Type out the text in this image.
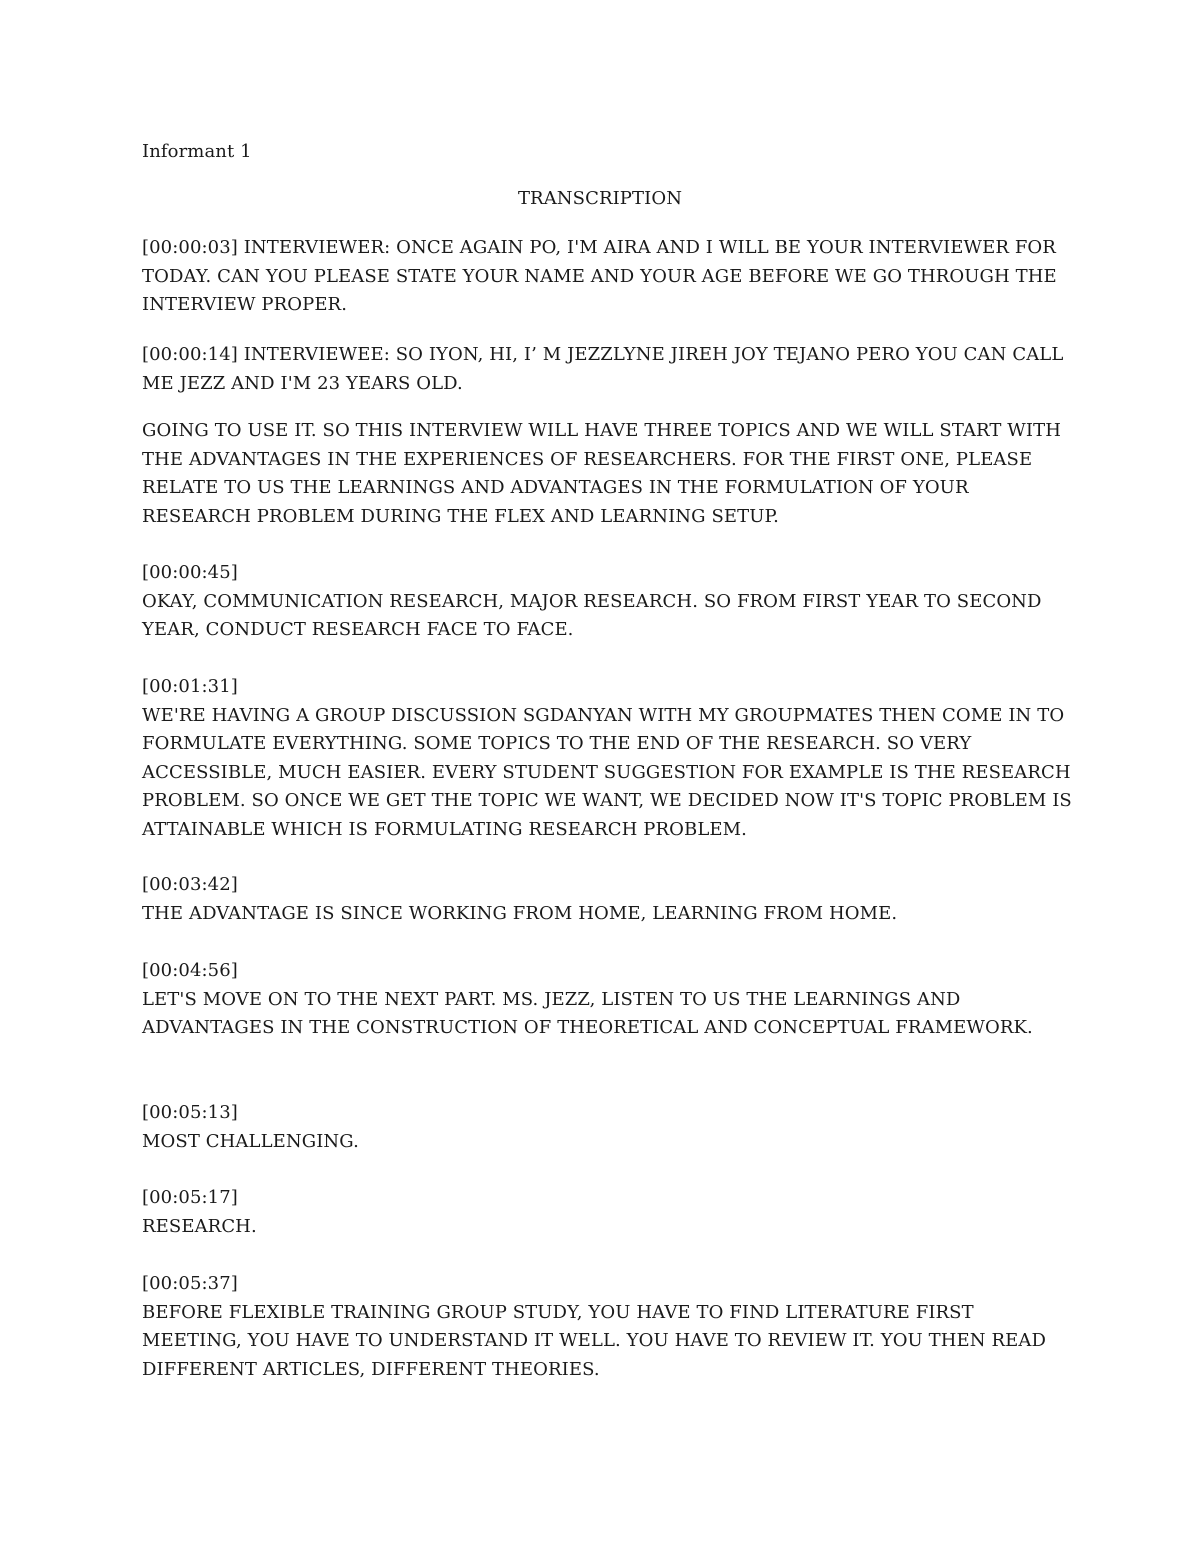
Informant 1
TRANSCRIPTION
[00:00:03] INTERVIEWER: ONCE AGAIN PO, I'M AIRA AND I WILL BE YOUR INTERVIEWER FOR TODAY. CAN YOU PLEASE STATE YOUR NAME AND YOUR AGE BEFORE WE GO THROUGH THE INTERVIEW PROPER.
[00:00:14] INTERVIEWEE: SO IYON, HI, I’ M JEZZLYNE JIREH JOY TEJANO PERO YOU CAN CALL ME JEZZ AND I'M 23 YEARS OLD.
GOING TO USE IT. SO THIS INTERVIEW WILL HAVE THREE TOPICS AND WE WILL START WITH THE ADVANTAGES IN THE EXPERIENCES OF RESEARCHERS. FOR THE FIRST ONE, PLEASE RELATE TO US THE LEARNINGS AND ADVANTAGES IN THE FORMULATION OF YOUR RESEARCH PROBLEM DURING THE FLEX AND LEARNING SETUP.
[00:00:45]
OKAY, COMMUNICATION RESEARCH, MAJOR RESEARCH. SO FROM FIRST YEAR TO SECOND YEAR, CONDUCT RESEARCH FACE TO FACE.
[00:01:31]
WE'RE HAVING A GROUP DISCUSSION SGDANYAN WITH MY GROUPMATES THEN COME IN TO FORMULATE EVERYTHING. SOME TOPICS TO THE END OF THE RESEARCH. SO VERY ACCESSIBLE, MUCH EASIER. EVERY STUDENT SUGGESTION FOR EXAMPLE IS THE RESEARCH PROBLEM. SO ONCE WE GET THE TOPIC WE WANT, WE DECIDED NOW IT'S TOPIC PROBLEM IS ATTAINABLE WHICH IS FORMULATING RESEARCH PROBLEM.
[00:03:42]
THE ADVANTAGE IS SINCE WORKING FROM HOME, LEARNING FROM HOME.
[00:04:56]
LET'S MOVE ON TO THE NEXT PART. MS. JEZZ, LISTEN TO US THE LEARNINGS AND ADVANTAGES IN THE CONSTRUCTION OF THEORETICAL AND CONCEPTUAL FRAMEWORK.
[00:05:13]
MOST CHALLENGING.
[00:05:17]
RESEARCH.
[00:05:37]
BEFORE FLEXIBLE TRAINING GROUP STUDY, YOU HAVE TO FIND LITERATURE FIRST MEETING, YOU HAVE TO UNDERSTAND IT WELL. YOU HAVE TO REVIEW IT. YOU THEN READ DIFFERENT ARTICLES, DIFFERENT THEORIES.
